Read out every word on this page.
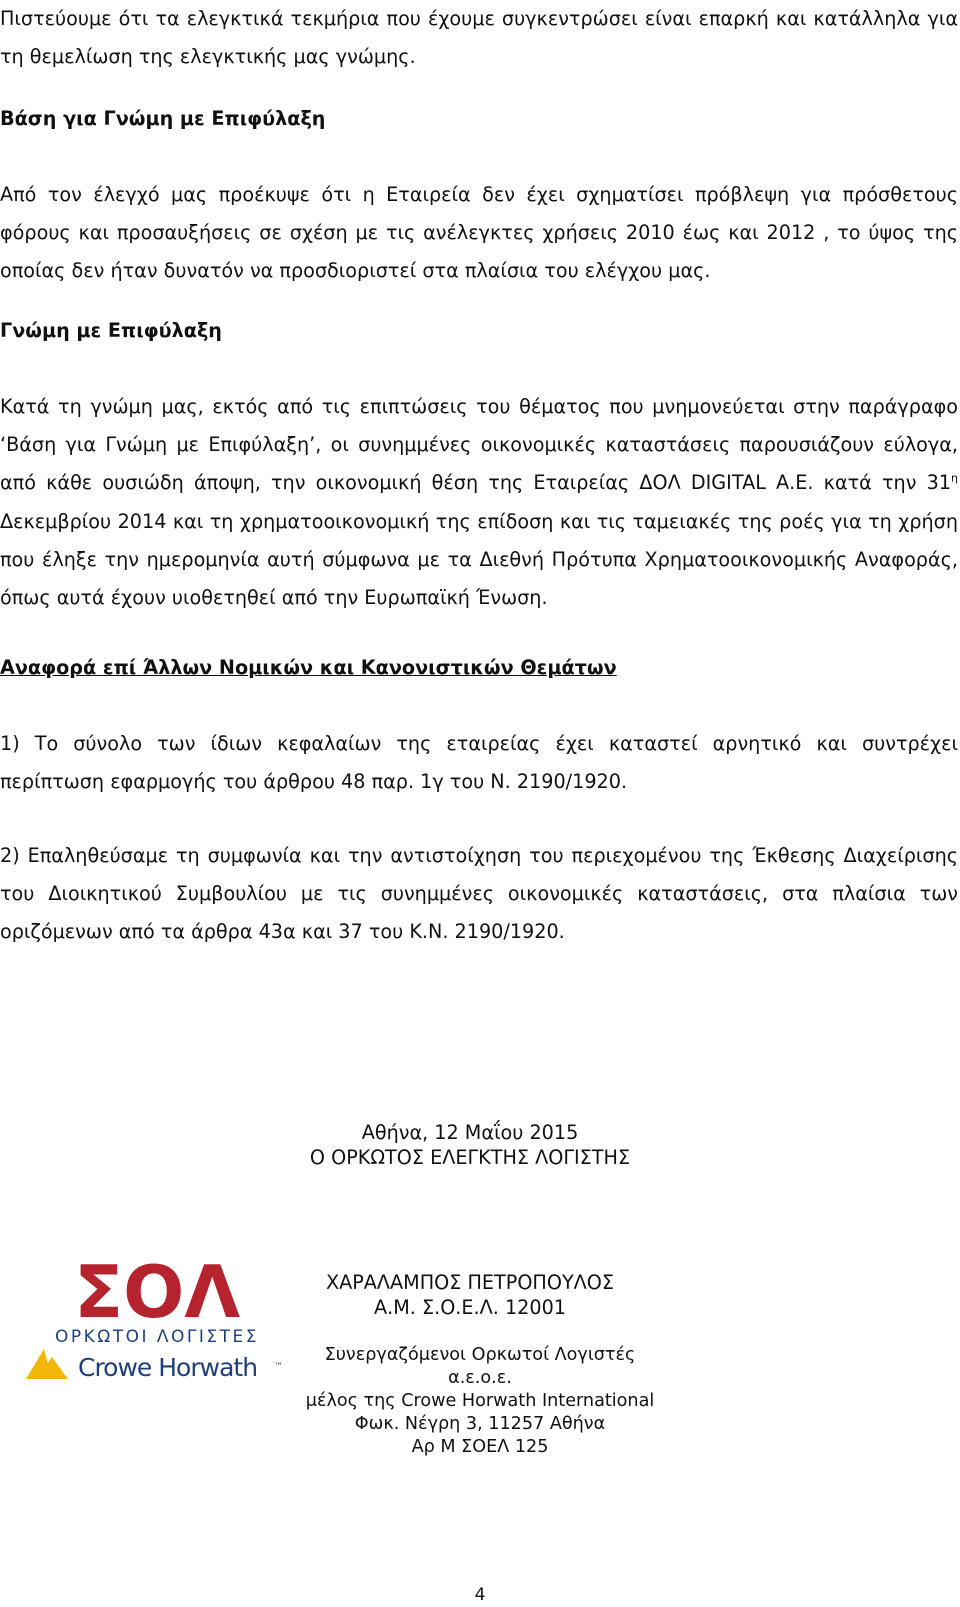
Πιστεύουμε ότι τα ελεγκτικά τεκμήρια που έχουμε συγκεντρώσει είναι επαρκή και κατάλληλα για τη θεμελίωση της ελεγκτικής μας γνώμης.

Βάση για Γνώμη με Επιφύλαξη

Από τον έλεγχό μας προέκυψε ότι η Εταιρεία δεν έχει σχηματίσει πρόβλεψη για πρόσθετους φόρους και προσαυξήσεις σε σχέση με τις ανέλεγκτες χρήσεις 2010 έως και 2012 , το ύψος της οποίας δεν ήταν δυνατόν να προσδιοριστεί στα πλαίσια του ελέγχου μας.

Γνώμη με Επιφύλαξη

Κατά τη γνώμη μας, εκτός από τις επιπτώσεις του θέματος που μνημονεύεται στην παράγραφο ‘Βάση για Γνώμη με Επιφύλαξη’, οι συνημμένες οικονομικές καταστάσεις παρουσιάζουν εύλογα, από κάθε ουσιώδη άποψη, την οικονομική θέση της Εταιρείας ΔΟΛ DIGITAL Α.Ε. κατά την $31^\eta$ Δεκεμβρίου 2014 και τη χρηματοοικονομική της επίδοση και τις ταμειακές της ροές για τη χρήση που έληξε την ημερομηνία αυτή σύμφωνα με τα Διεθνή Πρότυπα Χρηματοοικονομικής Αναφοράς, όπως αυτά έχουν υιοθετηθεί από την Ευρωπαϊκή Ένωση.

Αναφορά επί Άλλων Νομικών και Κανονιστικών Θεμάτων

1) Το σύνολο των ίδιων κεφαλαίων της εταιρείας έχει καταστεί αρνητικό και συντρέχει περίπτωση εφαρμογής του άρθρου 48 παρ. 1γ του Ν. 2190/1920.

2) Επαληθεύσαμε τη συμφωνία και την αντιστοίχηση του περιεχομένου της Έκθεσης Διαχείρισης του Διοικητικού Συμβουλίου με τις συνημμένες οικονομικές καταστάσεις, στα πλαίσια των οριζόμενων από τα άρθρα 43α και 37 του Κ.Ν. 2190/1920.

Αθήνα, 12 Μαΐου 2015
Ο ΟΡΚΩΤΟΣ ΕΛΕΓΚΤΗΣ ΛΟΓΙΣΤΗΣ
ΣΟΛ
ΟΡΚΩΤΟΙ ΛΟΓΙΣΤΕΣ
Crowe Horwath ™
ΧΑΡΑΛΑΜΠΟΣ ΠΕΤΡΟΠΟΥΛΟΣ
Α.Μ. Σ.Ο.Ε.Λ. 12001
Συνεργαζόμενοι Ορκωτοί Λογιστές α.ε.ο.ε.
μέλος της Crowe Horwath International
Φωκ. Νέγρη 3, 11257 Αθήνα
Αρ Μ ΣΟΕΛ 125
4
